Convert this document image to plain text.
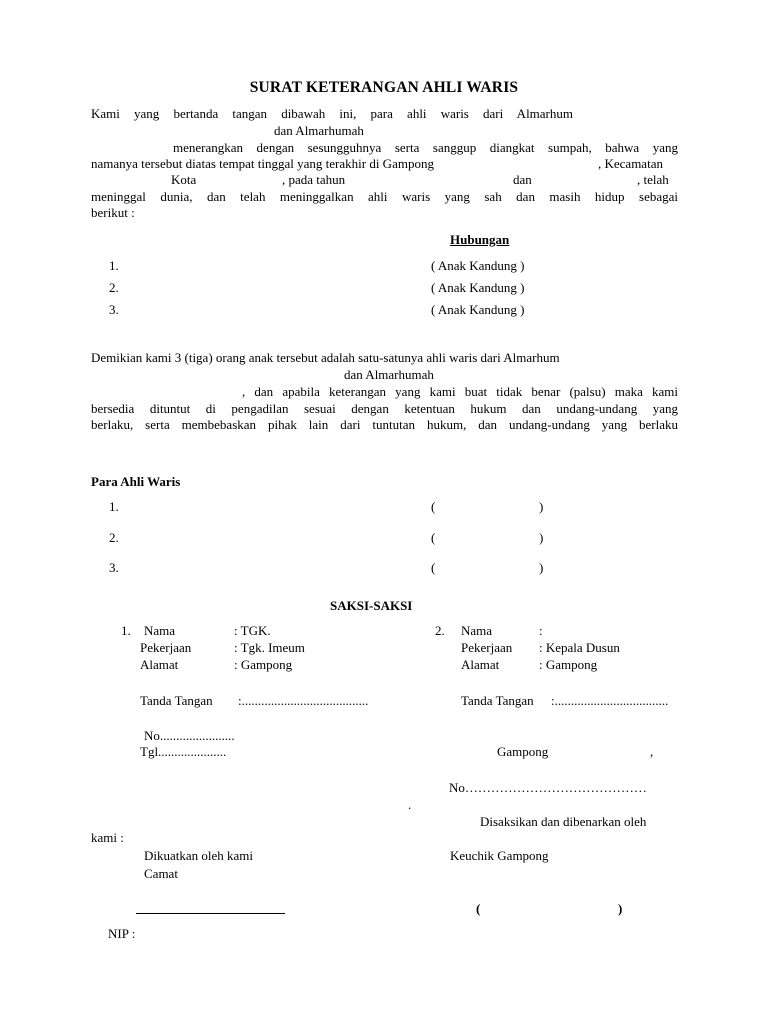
SURAT KETERANGAN AHLI WARIS
Kami yang bertanda tangan dibawah ini, para ahli waris dari Almarhum
dan Almarhumah
menerangkan dengan sesungguhnya serta sanggup diangkat sumpah, bahwa yang
namanya tersebut diatas tempat tinggal yang terakhir di Gampong	, Kecamatan
Kota	, pada tahun	dan	, telah
meninggal dunia, dan telah meninggalkan ahli waris yang sah dan masih hidup sebagai
berikut :
Hubungan
1.	( Anak Kandung )
2.	( Anak Kandung )
3.	( Anak Kandung )
Demikian kami 3 (tiga) orang anak tersebut adalah satu-satunya ahli waris dari Almarhum
dan Almarhumah
, dan apabila keterangan yang kami buat tidak benar (palsu) maka kami
bersedia dituntut di pengadilan sesuai dengan ketentuan hukum dan undang-undang yang
berlaku, serta membebaskan pihak lain dari tuntutan hukum, dan undang-undang yang berlaku
Para Ahli Waris
1.	(	)
2.	(	)
3.	(	)
SAKSI-SAKSI
1. Nama	: TGK.
Pekerjaan	: Tgk. Imeum
Alamat	: Gampong
Tanda Tangan :.......................................
2. Nama	:
Pekerjaan : Kepala Dusun
Alamat	: Gampong
Tanda Tangan :...................................
No.......................
Tgl.....................	Gampong	,
No……………………………………
.
Disaksikan dan dibenarkan oleh
kami :
Dikuatkan oleh kami	Keuchik Gampong
Camat
(	)
NIP :
